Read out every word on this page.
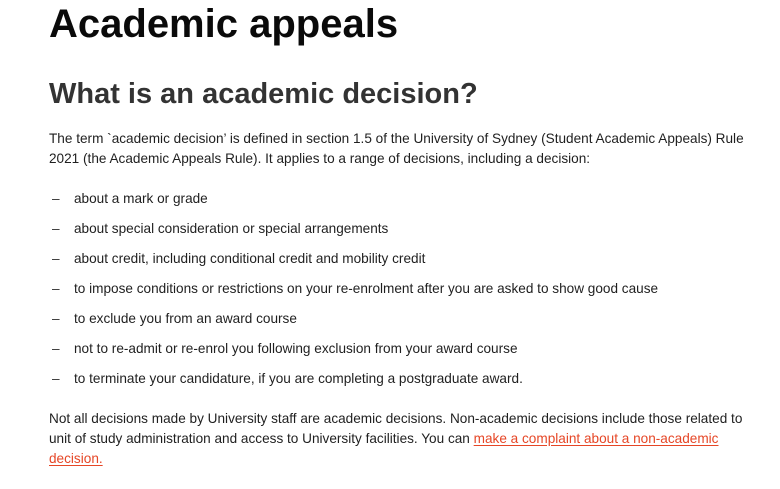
Academic appeals
What is an academic decision?

The term `academic decision’ is defined in section 1.5 of the University of Sydney (Student Academic Appeals) Rule 2021 (the Academic Appeals Rule). It applies to a range of decisions, including a decision:

– about a mark or grade
– about special consideration or special arrangements
– about credit, including conditional credit and mobility credit
– to impose conditions or restrictions on your re-enrolment after you are asked to show good cause
– to exclude you from an award course
– not to re-admit or re-enrol you following exclusion from your award course
– to terminate your candidature, if you are completing a postgraduate award.

Not all decisions made by University staff are academic decisions. Non-academic decisions include those related to unit of study administration and access to University facilities. You can make a complaint about a non-academic decision.
